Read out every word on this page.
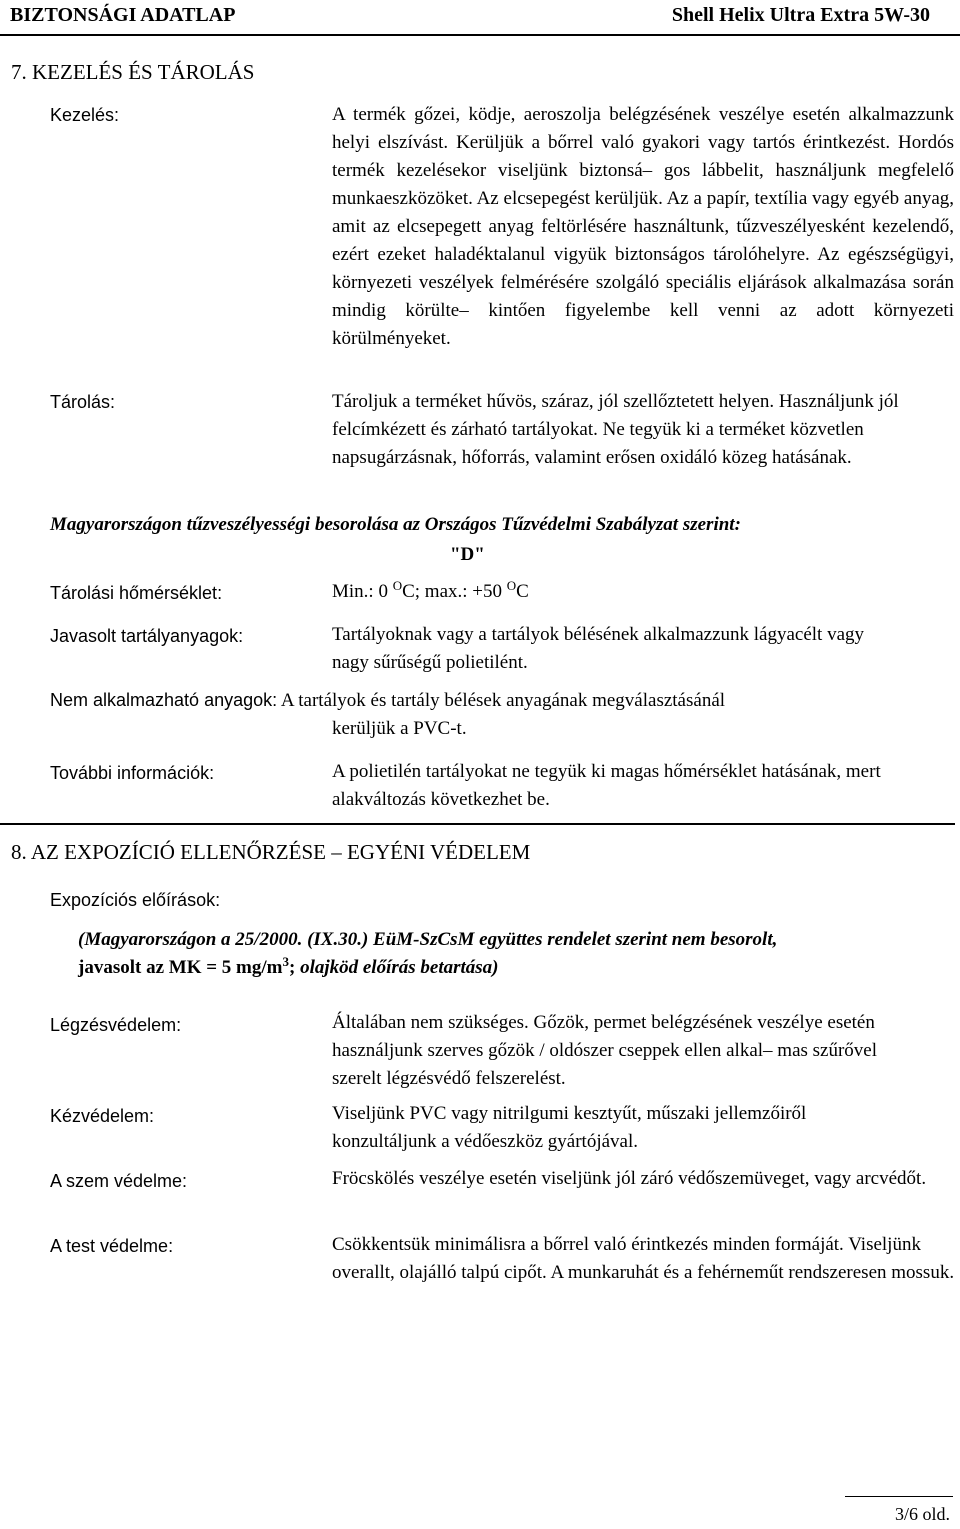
BIZTONSÁGI ADATLAP	Shell Helix Ultra Extra 5W-30
7. KEZELÉS ÉS TÁROLÁS
Kezelés:	A termék gőzei, ködje, aeroszolja belégzésének veszélye esetén alkalmazzunk helyi elszívást. Kerüljük a bőrrel való gyakori vagy tartós érintkezést. Hordós termék kezelésekor viseljünk biztonsá– gos lábbelit, használjunk megfelelő munkaeszközöket. Az elcsepegést kerüljük. Az a papír, textília vagy egyéb anyag, amit az elcsepegett anyag feltörlésére használtunk, tűzveszélyesként kezelendő, ezért ezeket haladéktalanul vigyük biztonságos tárolóhelyre. Az egészségügyi, környezeti veszélyek felmérésére szolgáló speciális eljárások alkalmazása során mindig körülte– kintően figyelembe kell venni az adott környezeti körülményeket.
Tárolás:	Tároljuk a terméket hűvös, száraz, jól szellőztetett helyen. Használjunk jól felcímkézett és zárható tartályokat. Ne tegyük ki a terméket közvetlen napsugárzásnak, hőforrás, valamint erősen oxidáló közeg hatásának.
Magyarországon tűzveszélyességi besorolása az Országos Tűzvédelmi Szabályzat szerint:
"D"
Tárolási hőmérséklet:	Min.: 0 $^O$C; max.: +50 $^O$C
Javasolt tartályanyagok:	Tartályoknak vagy a tartályok bélésének alkalmazzunk lágyacélt vagy nagy sűrűségű polietilént.
Nem alkalmazható anyagok: A tartályok és tartály bélések anyagának megválasztásánál
kerüljük a PVC-t.
További információk:	A polietilén tartályokat ne tegyük ki magas hőmérséklet hatásának, mert alakváltozás következhet be.
8. AZ EXPOZÍCIÓ ELLENŐRZÉSE – EGYÉNI VÉDELEM
Expozíciós előírások:
(Magyarországon a 25/2000. (IX.30.) EüM-SzCsM együttes rendelet szerint nem besorolt,
javasolt az MK = 5 $mg/m^3$; olajköd előírás betartása)
Légzésvédelem:	Általában nem szükséges. Gőzök, permet belégzésének veszélye esetén használjunk szerves gőzök / oldószer cseppek ellen alkal– mas szűrővel szerelt légzésvédő felszerelést.
Kézvédelem:	Viseljünk PVC vagy nitrilgumi kesztyűt, műszaki jellemzőiről konzultáljunk a védőeszköz gyártójával.
A szem védelme:	Fröcskölés veszélye esetén viseljünk jól záró védőszemüveget, vagy arcvédőt.
A test védelme:	Csökkentsük minimálisra a bőrrel való érintkezés minden formáját. Viseljünk overallt, olajálló talpú cipőt. A munkaruhát és a fehérneműt rendszeresen mossuk.
3/6 old.
